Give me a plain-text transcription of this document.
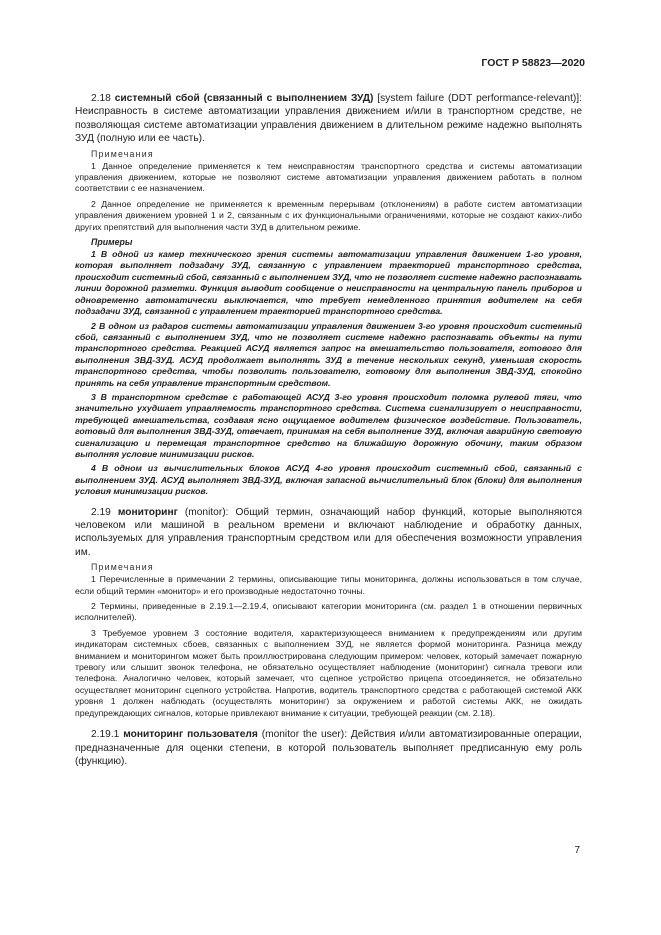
ГОСТ Р 58823—2020

2.18 системный сбой (связанный с выполнением ЗУД) [system failure (DDT performance-relevant)]: Неисправность в системе автоматизации управления движением и/или в транспортном средстве, не позволяющая системе автоматизации управления движением в длительном режиме надежно выполнять ЗУД (полную или ее часть).

Примечания

1 Данное определение применяется к тем неисправностям транспортного средства и системы автоматизации управления движением, которые не позволяют системе автоматизации управления движением работать в полном соответствии с ее назначением.

2 Данное определение не применяется к временным перерывам (отклонениям) в работе систем автоматизации управления движением уровней 1 и 2, связанным с их функциональными ограничениями, которые не создают каких-либо других препятствий для выполнения части ЗУД в длительном режиме.

Примеры

1 В одной из камер технического зрения системы автоматизации управления движением 1-го уровня, которая выполняет подзадачу ЗУД, связанную с управлением траекторией транспортного средства, происходит системный сбой, связанный с выполнением ЗУД, что не позволяет системе надежно распознавать линии дорожной разметки. Функция выводит сообщение о неисправности на центральную панель приборов и одновременно автоматически выключается, что требует немедленного принятия водителем на себя подзадачи ЗУД, связанной с управлением траекторией транспортного средства.

2 В одном из радаров системы автоматизации управления движением 3-го уровня происходит системный сбой, связанный с выполнением ЗУД, что не позволяет системе надежно распознавать объекты на пути транспортного средства. Реакцией АСУД является запрос на вмешательство пользователя, готового для выполнения ЗВД-ЗУД. АСУД продолжает выполнять ЗУД в течение нескольких секунд, уменьшая скорость транспортного средства, чтобы позволить пользователю, готовому для выполнения ЗВД-ЗУД, спокойно принять на себя управление транспортным средством.

3 В транспортном средстве с работающей АСУД 3-го уровня происходит поломка рулевой тяги, что значительно ухудшает управляемость транспортного средства. Система сигнализирует о неисправности, требующей вмешательства, создавая ясно ощущаемое водителем физическое воздействие. Пользователь, готовый для выполнения ЗВД-ЗУД, отвечает, принимая на себя выполнение ЗУД, включая аварийную световую сигнализацию и перемещая транспортное средство на ближайшую дорожную обочину, таким образом выполняя условие минимизации рисков.

4 В одном из вычислительных блоков АСУД 4-го уровня происходит системный сбой, связанный с выполнением ЗУД. АСУД выполняет ЗВД-ЗУД, включая запасной вычислительный блок (блоки) для выполнения условия минимизации рисков.

2.19 мониторинг (monitor): Общий термин, означающий набор функций, которые выполняются человеком или машиной в реальном времени и включают наблюдение и обработку данных, используемых для управления транспортным средством или для обеспечения возможности управления им.

Примечания

1 Перечисленные в примечании 2 термины, описывающие типы мониторинга, должны использоваться в том случае, если общий термин «монитор» и его производные недостаточно точны.

2 Термины, приведенные в 2.19.1—2.19.4, описывают категории мониторинга (см. раздел 1 в отношении первичных исполнителей).

3 Требуемое уровнем 3 состояние водителя, характеризующееся вниманием к предупреждениям или другим индикаторам системных сбоев, связанных с выполнением ЗУД, не является формой мониторинга. Разница между вниманием и мониторингом может быть проиллюстрирована следующим примером: человек, который замечает пожарную тревогу или слышит звонок телефона, не обязательно осуществляет наблюдение (мониторинг) сигнала тревоги или телефона. Аналогично человек, который замечает, что сцепное устройство прицепа отсоединяется, не обязательно осуществляет мониторинг сцепного устройства. Напротив, водитель транспортного средства с работающей системой АКК уровня 1 должен наблюдать (осуществлять мониторинг) за окружением и работой системы АКК, не ожидать предупреждающих сигналов, которые привлекают внимание к ситуации, требующей реакции (см. 2.18).

2.19.1 мониторинг пользователя (monitor the user): Действия и/или автоматизированные операции, предназначенные для оценки степени, в которой пользователь выполняет предписанную ему роль (функцию).

7
